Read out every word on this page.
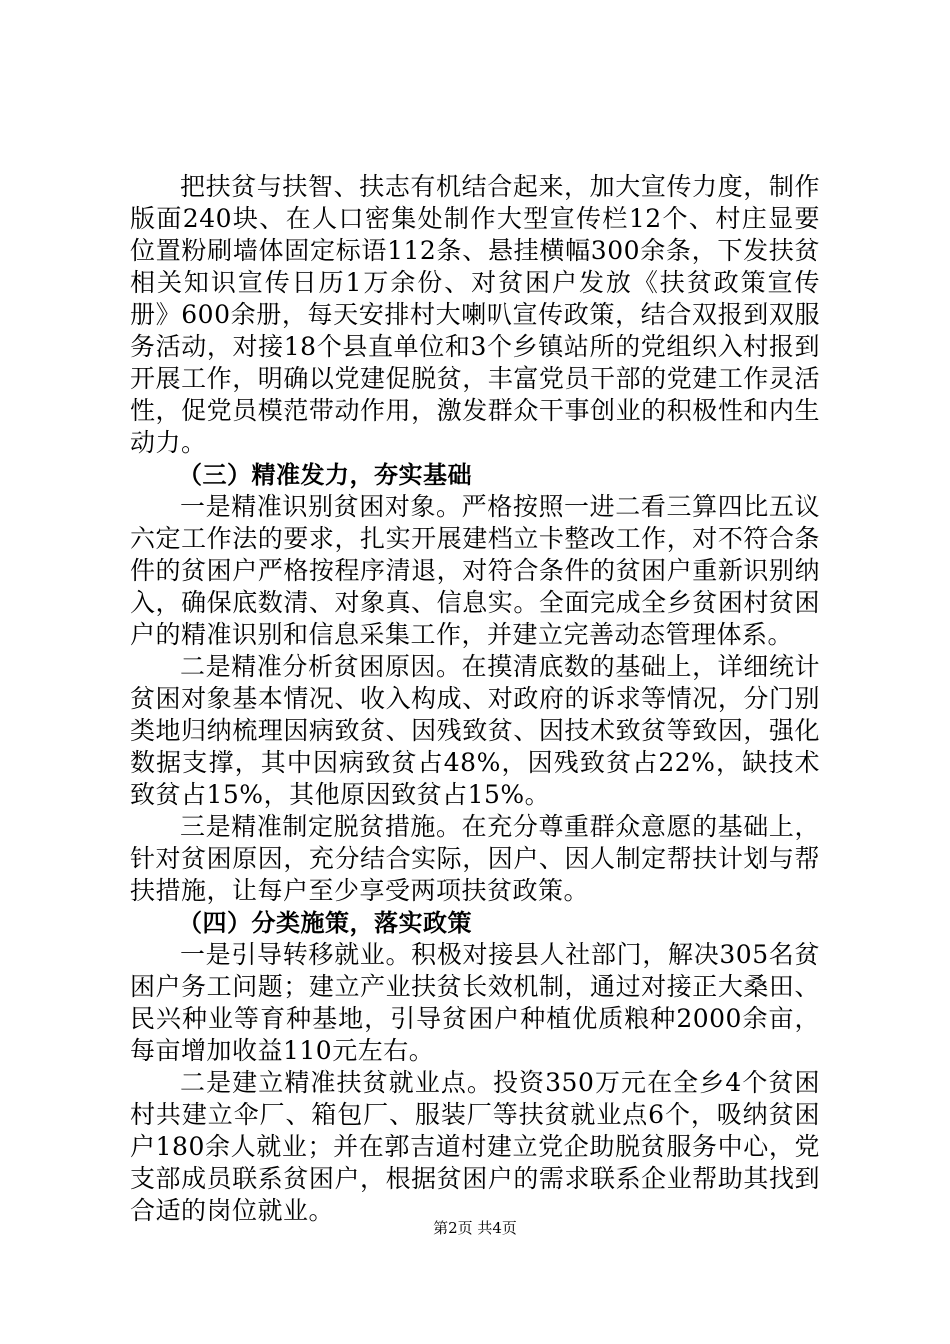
把扶贫与扶智、扶志有机结合起来，加大宣传力度，制作版面240块、在人口密集处制作大型宣传栏12个、村庄显要位置粉刷墙体固定标语112条、悬挂横幅300余条，下发扶贫相关知识宣传日历1万余份、对贫困户发放《扶贫政策宣传册》600余册，每天安排村大喇叭宣传政策，结合双报到双服务活动，对接18个县直单位和3个乡镇站所的党组织入村报到开展工作，明确以党建促脱贫，丰富党员干部的党建工作灵活性，促党员模范带动作用，激发群众干事创业的积极性和内生动力。

（三）精准发力，夯实基础

一是精准识别贫困对象。严格按照一进二看三算四比五议六定工作法的要求，扎实开展建档立卡整改工作，对不符合条件的贫困户严格按程序清退，对符合条件的贫困户重新识别纳入，确保底数清、对象真、信息实。全面完成全乡贫困村贫困户的精准识别和信息采集工作，并建立完善动态管理体系。

二是精准分析贫困原因。在摸清底数的基础上，详细统计贫困对象基本情况、收入构成、对政府的诉求等情况，分门别类地归纳梳理因病致贫、因残致贫、因技术致贫等致因，强化数据支撑，其中因病致贫占48%，因残致贫占22%，缺技术致贫占15%，其他原因致贫占15%。

三是精准制定脱贫措施。在充分尊重群众意愿的基础上，针对贫困原因，充分结合实际，因户、因人制定帮扶计划与帮扶措施，让每户至少享受两项扶贫政策。

（四）分类施策，落实政策

一是引导转移就业。积极对接县人社部门，解决305名贫困户务工问题；建立产业扶贫长效机制，通过对接正大桑田、民兴种业等育种基地，引导贫困户种植优质粮种2000余亩，每亩增加收益110元左右。

二是建立精准扶贫就业点。投资350万元在全乡4个贫困村共建立伞厂、箱包厂、服装厂等扶贫就业点6个，吸纳贫困户180余人就业；并在郭吉道村建立党企助脱贫服务中心，党支部成员联系贫困户，根据贫困户的需求联系企业帮助其找到合适的岗位就业。

第2页 共4页
